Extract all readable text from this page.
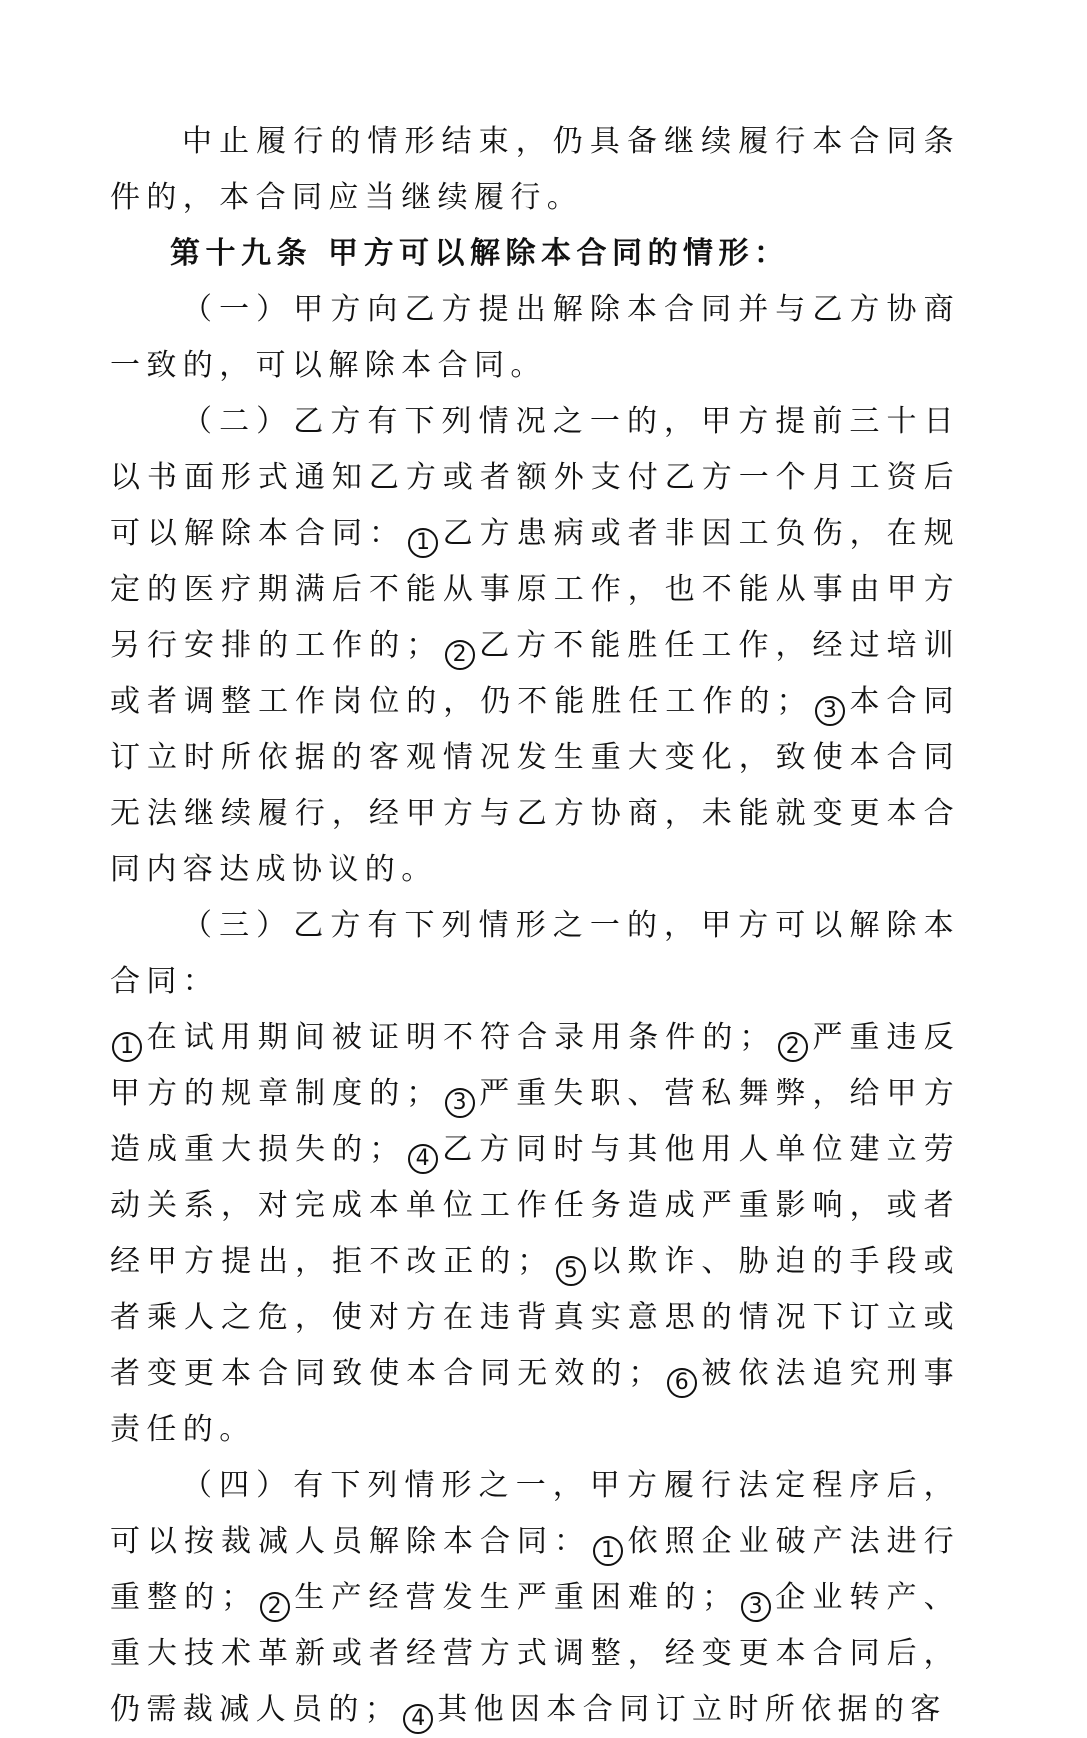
中止履行的情形结束，仍具备继续履行本合同条件的，本合同应当继续履行。

第十九条 甲方可以解除本合同的情形：

（一）甲方向乙方提出解除本合同并与乙方协商一致的，可以解除本合同。

（二）乙方有下列情况之一的，甲方提前三十日以书面形式通知乙方或者额外支付乙方一个月工资后可以解除本合同： 1 乙方患病或者非因工负伤，在规定的医疗期满后不能从事原工作，也不能从事由甲方另行安排的工作的； 2 乙方不能胜任工作，经过培训或者调整工作岗位的，仍不能胜任工作的； 3 本合同订立时所依据的客观情况发生重大变化，致使本合同无法继续履行，经甲方与乙方协商，未能就变更本合同内容达成协议的。

（三）乙方有下列情形之一的，甲方可以解除本合同：

1 在试用期间被证明不符合录用条件的； 2 严重违反甲方的规章制度的； 3 严重失职、营私舞弊，给甲方造成重大损失的； 4 乙方同时与其他用人单位建立劳动关系，对完成本单位工作任务造成严重影响，或者经甲方提出，拒不改正的； 5 以欺诈、胁迫的手段或者乘人之危，使对方在违背真实意思的情况下订立或者变更本合同致使本合同无效的； 6 被依法追究刑事责任的。

（四）有下列情形之一，甲方履行法定程序后，可以按裁减人员解除本合同： 1 依照企业破产法进行重整的； 2 生产经营发生严重困难的； 3 企业转产、重大技术革新或者经营方式调整，经变更本合同后，仍需裁减人员的； 4 其他因本合同订立时所依据的客
